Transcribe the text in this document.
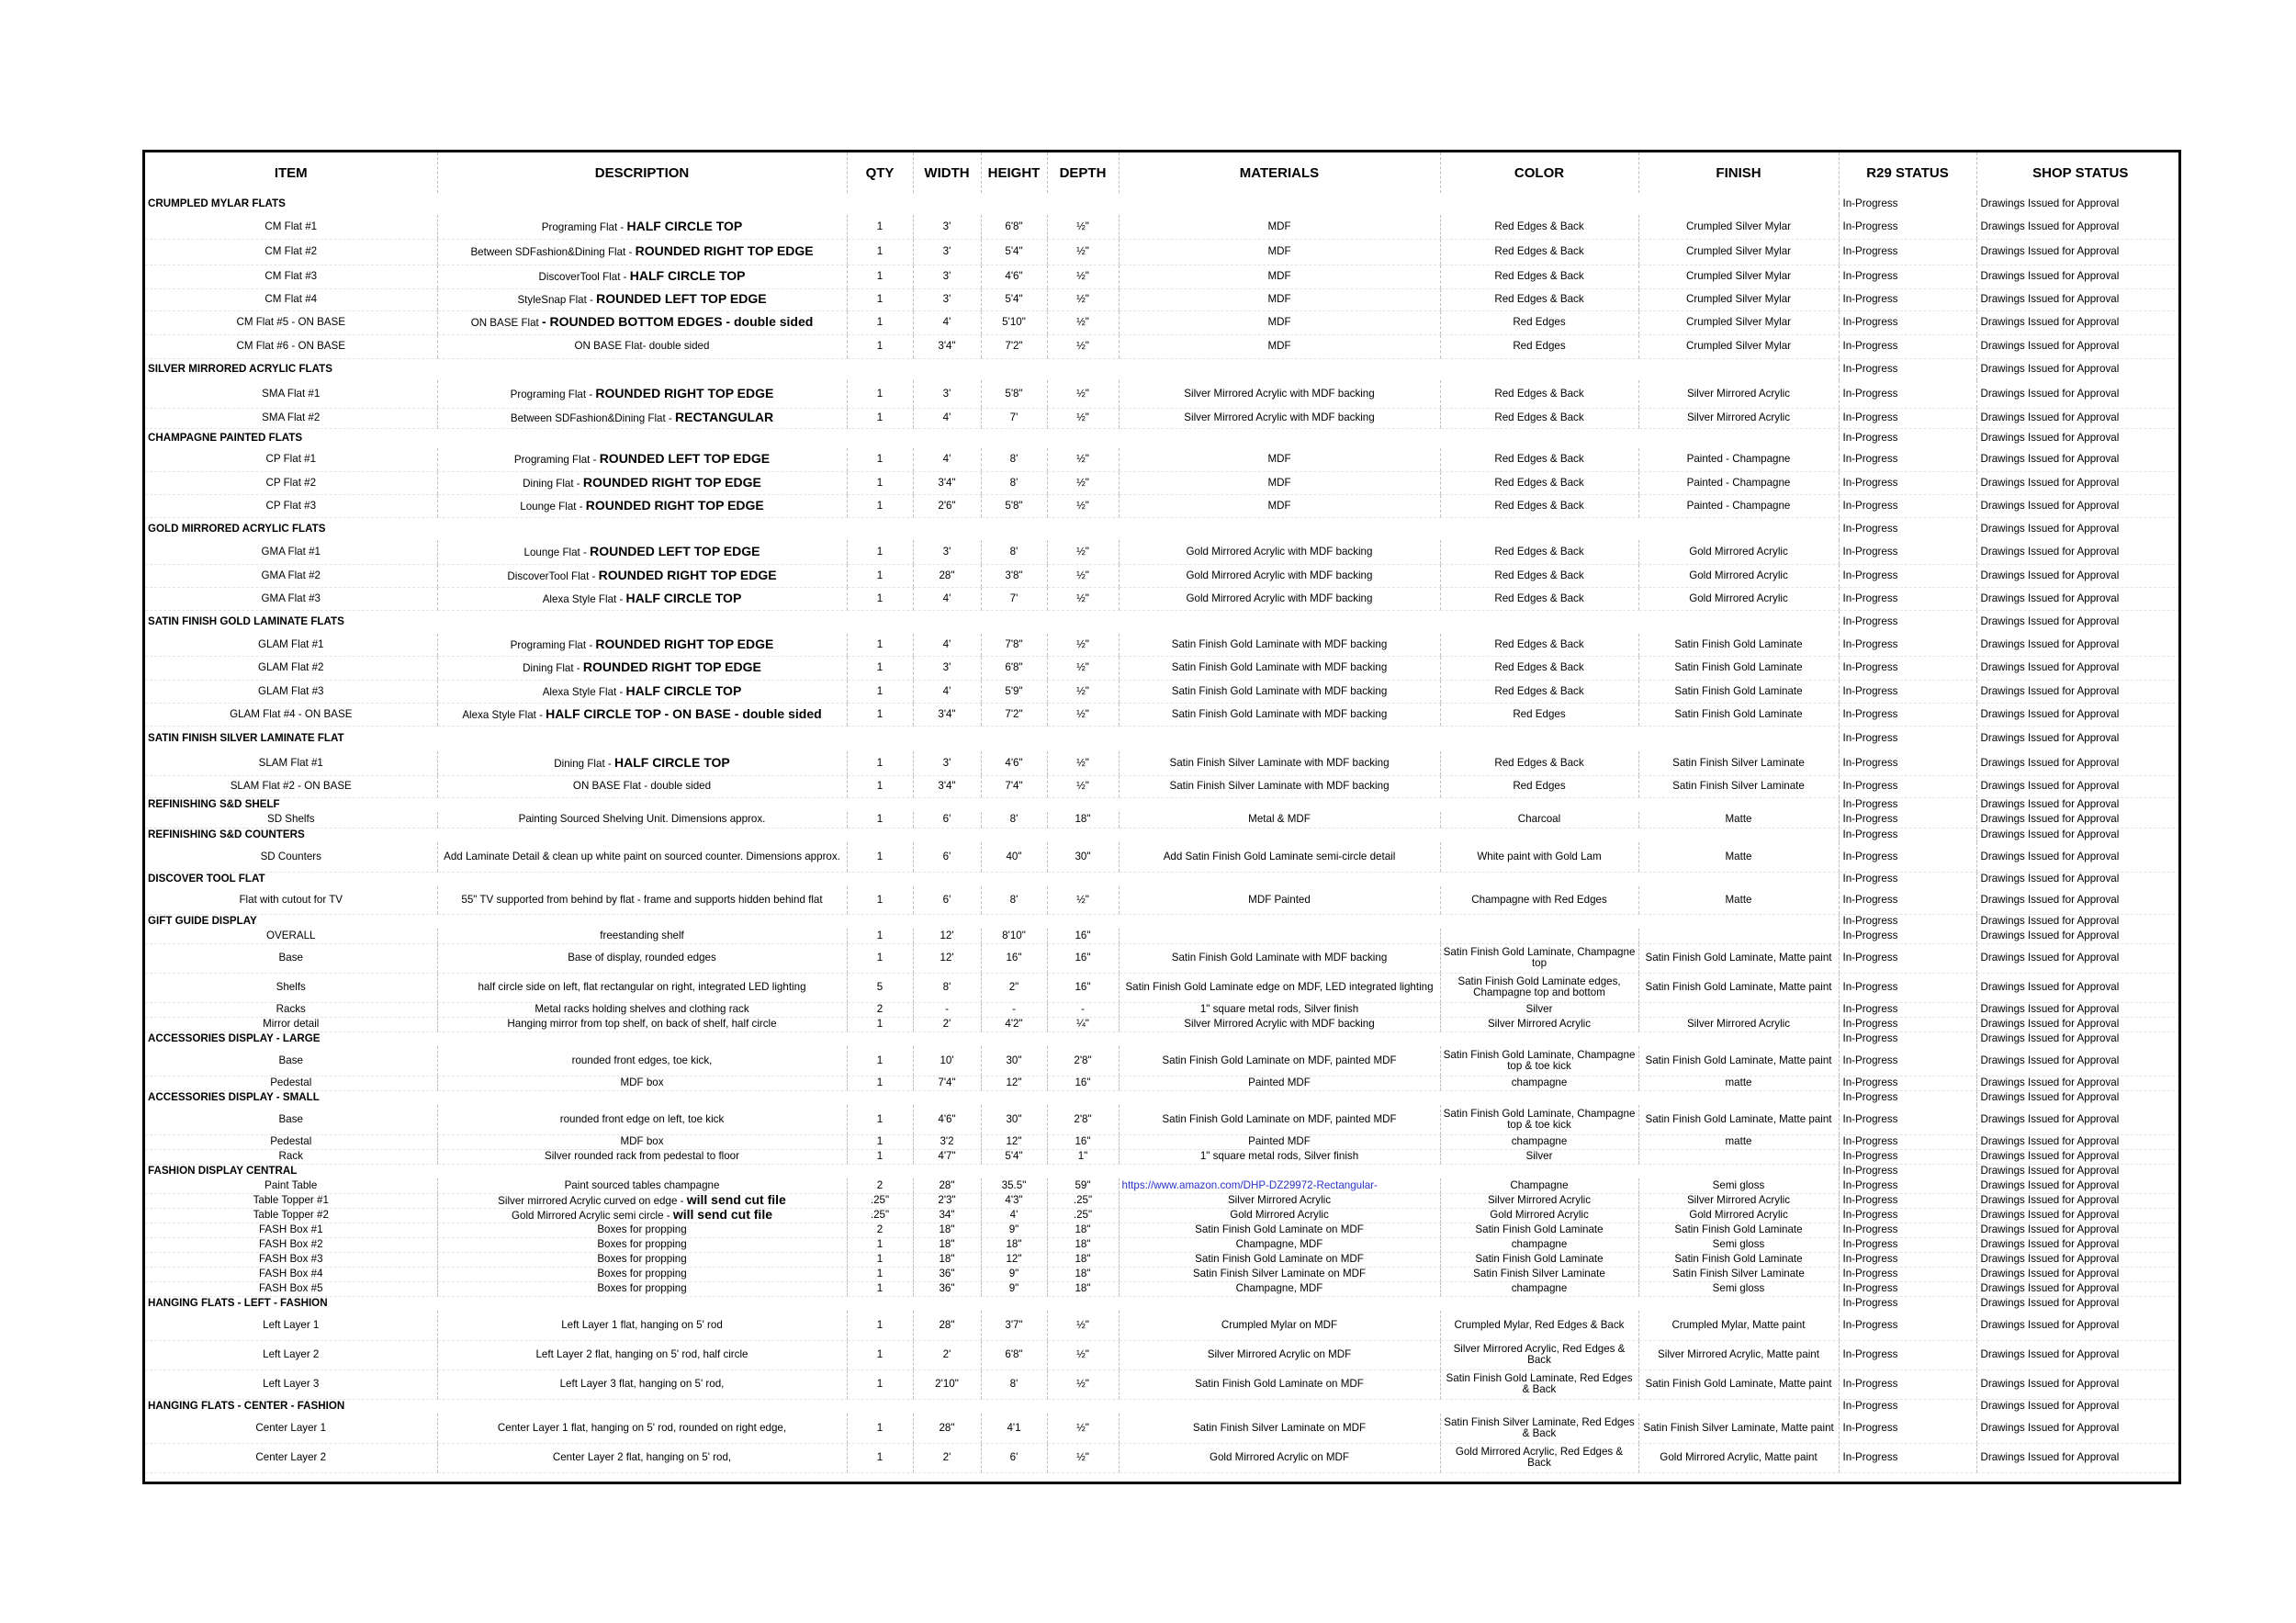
ITEM	DESCRIPTION	QTY	WIDTH	HEIGHT	DEPTH	MATERIALS	COLOR	FINISH	R29 STATUS	SHOP STATUS
CRUMPLED MYLAR FLATS									In-Progress	Drawings Issued for Approval
CM Flat #1	Programing Flat - HALF CIRCLE TOP	1	3'	6'8"	½"	MDF	Red Edges & Back	Crumpled Silver Mylar	In-Progress	Drawings Issued for Approval
CM Flat #2	Between SDFashion&Dining Flat - ROUNDED RIGHT TOP EDGE	1	3'	5'4"	½"	MDF	Red Edges & Back	Crumpled Silver Mylar	In-Progress	Drawings Issued for Approval
CM Flat #3	DiscoverTool Flat - HALF CIRCLE TOP	1	3'	4'6"	½"	MDF	Red Edges & Back	Crumpled Silver Mylar	In-Progress	Drawings Issued for Approval
CM Flat #4	StyleSnap Flat - ROUNDED LEFT TOP EDGE	1	3'	5'4"	½"	MDF	Red Edges & Back	Crumpled Silver Mylar	In-Progress	Drawings Issued for Approval
CM Flat #5 - ON BASE	ON BASE Flat - ROUNDED BOTTOM EDGES - double sided	1	4'	5'10"	½"	MDF	Red Edges	Crumpled Silver Mylar	In-Progress	Drawings Issued for Approval
CM Flat #6 - ON BASE	ON BASE Flat- double sided	1	3'4"	7'2"	½"	MDF	Red Edges	Crumpled Silver Mylar	In-Progress	Drawings Issued for Approval
SILVER MIRRORED ACRYLIC FLATS									In-Progress	Drawings Issued for Approval
SMA Flat #1	Programing Flat - ROUNDED RIGHT TOP EDGE	1	3'	5'8"	½"	Silver Mirrored Acrylic with MDF backing	Red Edges & Back	Silver Mirrored Acrylic	In-Progress	Drawings Issued for Approval
SMA Flat #2	Between SDFashion&Dining Flat - RECTANGULAR	1	4'	7'	½"	Silver Mirrored Acrylic with MDF backing	Red Edges & Back	Silver Mirrored Acrylic	In-Progress	Drawings Issued for Approval
CHAMPAGNE PAINTED FLATS									In-Progress	Drawings Issued for Approval
CP Flat #1	Programing Flat - ROUNDED LEFT TOP EDGE	1	4'	8'	½"	MDF	Red Edges & Back	Painted - Champagne	In-Progress	Drawings Issued for Approval
CP Flat #2	Dining Flat - ROUNDED RIGHT TOP EDGE	1	3'4"	8'	½"	MDF	Red Edges & Back	Painted - Champagne	In-Progress	Drawings Issued for Approval
CP Flat #3	Lounge Flat - ROUNDED RIGHT TOP EDGE	1	2'6"	5'8"	½"	MDF	Red Edges & Back	Painted - Champagne	In-Progress	Drawings Issued for Approval
GOLD MIRRORED ACRYLIC FLATS									In-Progress	Drawings Issued for Approval
GMA Flat #1	Lounge Flat - ROUNDED LEFT TOP EDGE	1	3'	8'	½"	Gold Mirrored Acrylic with MDF backing	Red Edges & Back	Gold Mirrored Acrylic	In-Progress	Drawings Issued for Approval
GMA Flat #2	DiscoverTool Flat - ROUNDED RIGHT TOP EDGE	1	28"	3'8"	½"	Gold Mirrored Acrylic with MDF backing	Red Edges & Back	Gold Mirrored Acrylic	In-Progress	Drawings Issued for Approval
GMA Flat #3	Alexa Style Flat - HALF CIRCLE TOP	1	4'	7'	½"	Gold Mirrored Acrylic with MDF backing	Red Edges & Back	Gold Mirrored Acrylic	In-Progress	Drawings Issued for Approval
SATIN FINISH GOLD LAMINATE FLATS									In-Progress	Drawings Issued for Approval
GLAM Flat #1	Programing Flat - ROUNDED RIGHT TOP EDGE	1	4'	7'8"	½"	Satin Finish Gold Laminate with MDF backing	Red Edges & Back	Satin Finish Gold Laminate	In-Progress	Drawings Issued for Approval
GLAM Flat #2	Dining Flat - ROUNDED RIGHT TOP EDGE	1	3'	6'8"	½"	Satin Finish Gold Laminate with MDF backing	Red Edges & Back	Satin Finish Gold Laminate	In-Progress	Drawings Issued for Approval
GLAM Flat #3	Alexa Style Flat - HALF CIRCLE TOP	1	4'	5'9"	½"	Satin Finish Gold Laminate with MDF backing	Red Edges & Back	Satin Finish Gold Laminate	In-Progress	Drawings Issued for Approval
GLAM Flat #4 - ON BASE	Alexa Style Flat - HALF CIRCLE TOP - ON BASE - double sided	1	3'4"	7'2"	½"	Satin Finish Gold Laminate with MDF backing	Red Edges	Satin Finish Gold Laminate	In-Progress	Drawings Issued for Approval
SATIN FINISH SILVER LAMINATE FLAT									In-Progress	Drawings Issued for Approval
SLAM Flat #1	Dining Flat - HALF CIRCLE TOP	1	3'	4'6"	½"	Satin Finish Silver Laminate with MDF backing	Red Edges & Back	Satin Finish Silver Laminate	In-Progress	Drawings Issued for Approval
SLAM Flat #2 - ON BASE	ON BASE Flat - double sided	1	3'4"	7'4"	½"	Satin Finish Silver Laminate with MDF backing	Red Edges	Satin Finish Silver Laminate	In-Progress	Drawings Issued for Approval
REFINISHING S&D SHELF									In-Progress	Drawings Issued for Approval
SD Shelfs	Painting Sourced Shelving Unit. Dimensions approx.	1	6'	8'	18"	Metal & MDF	Charcoal	Matte	In-Progress	Drawings Issued for Approval
REFINISHING S&D COUNTERS									In-Progress	Drawings Issued for Approval
SD Counters	Add Laminate Detail & clean up white paint on sourced counter. Dimensions approx.	1	6'	40"	30"	Add Satin Finish Gold Laminate semi-circle detail	White paint with Gold Lam	Matte	In-Progress	Drawings Issued for Approval
DISCOVER TOOL FLAT									In-Progress	Drawings Issued for Approval
Flat with cutout for TV	55" TV supported from behind by flat - frame and supports hidden behind flat	1	6'	8'	½"	MDF Painted	Champagne with Red Edges	Matte	In-Progress	Drawings Issued for Approval
GIFT GUIDE DISPLAY									In-Progress	Drawings Issued for Approval
OVERALL	freestanding shelf	1	12'	8'10"	16"				In-Progress	Drawings Issued for Approval
Base	Base of display, rounded edges	1	12'	16"	16"	Satin Finish Gold Laminate with MDF backing	Satin Finish Gold Laminate, Champagne top	Satin Finish Gold Laminate, Matte paint	In-Progress	Drawings Issued for Approval
Shelfs	half circle side on left, flat rectangular on right, integrated LED lighting	5	8'	2"	16"	Satin Finish Gold Laminate edge on MDF, LED integrated lighting	Satin Finish Gold Laminate edges, Champagne top and bottom	Satin Finish Gold Laminate, Matte paint	In-Progress	Drawings Issued for Approval
Racks	Metal racks holding shelves and clothing rack	2	-	-	-	1" square metal rods, Silver finish	Silver		In-Progress	Drawings Issued for Approval
Mirror detail	Hanging mirror from top shelf, on back of shelf, half circle	1	2'	4'2"	¼"	Silver Mirrored Acrylic with MDF backing	Silver Mirrored Acrylic	Silver Mirrored Acrylic	In-Progress	Drawings Issued for Approval
ACCESSORIES DISPLAY - LARGE									In-Progress	Drawings Issued for Approval
Base	rounded front edges, toe kick,	1	10'	30"	2'8"	Satin Finish Gold Laminate on MDF, painted MDF	Satin Finish Gold Laminate, Champagne top & toe kick	Satin Finish Gold Laminate, Matte paint	In-Progress	Drawings Issued for Approval
Pedestal	MDF box	1	7'4"	12"	16"	Painted MDF	champagne	matte	In-Progress	Drawings Issued for Approval
ACCESSORIES DISPLAY - SMALL									In-Progress	Drawings Issued for Approval
Base	rounded front edge on left, toe kick	1	4'6"	30"	2'8"	Satin Finish Gold Laminate on MDF, painted MDF	Satin Finish Gold Laminate, Champagne top & toe kick	Satin Finish Gold Laminate, Matte paint	In-Progress	Drawings Issued for Approval
Pedestal	MDF box	1	3'2	12"	16"	Painted MDF	champagne	matte	In-Progress	Drawings Issued for Approval
Rack	Silver rounded rack from pedestal to floor	1	4'7"	5'4"	1"	1" square metal rods, Silver finish	Silver		In-Progress	Drawings Issued for Approval
FASHION DISPLAY CENTRAL									In-Progress	Drawings Issued for Approval
Paint Table	Paint sourced tables champagne	2	28"	35.5"	59"	https://www.amazon.com/DHP-DZ29972-Rectangular-	Champagne	Semi gloss	In-Progress	Drawings Issued for Approval
Table Topper #1	Silver mirrored Acrylic curved on edge - will send cut file	.25"	2'3"	4'3"	.25"	Silver Mirrored Acrylic	Silver Mirrored Acrylic	Silver Mirrored Acrylic	In-Progress	Drawings Issued for Approval
Table Topper #2	Gold Mirrored Acrylic semi circle - will send cut file	.25"	34"	4'	.25"	Gold Mirrored Acrylic	Gold Mirrored Acrylic	Gold Mirrored Acrylic	In-Progress	Drawings Issued for Approval
FASH Box #1	Boxes for propping	2	18"	9"	18"	Satin Finish Gold Laminate on MDF	Satin Finish Gold Laminate	Satin Finish Gold Laminate	In-Progress	Drawings Issued for Approval
FASH Box #2	Boxes for propping	1	18"	18"	18"	Champagne, MDF	champagne	Semi gloss	In-Progress	Drawings Issued for Approval
FASH Box #3	Boxes for propping	1	18"	12"	18"	Satin Finish Gold Laminate on MDF	Satin Finish Gold Laminate	Satin Finish Gold Laminate	In-Progress	Drawings Issued for Approval
FASH Box #4	Boxes for propping	1	36"	9"	18"	Satin Finish Silver Laminate on MDF	Satin Finish Silver Laminate	Satin Finish Silver Laminate	In-Progress	Drawings Issued for Approval
FASH Box #5	Boxes for propping	1	36"	9"	18"	Champagne, MDF	champagne	Semi gloss	In-Progress	Drawings Issued for Approval
HANGING FLATS - LEFT - FASHION									In-Progress	Drawings Issued for Approval
Left Layer 1	Left Layer 1 flat, hanging on 5' rod	1	28"	3'7"	½"	Crumpled Mylar on MDF	Crumpled Mylar, Red Edges & Back	Crumpled Mylar, Matte paint	In-Progress	Drawings Issued for Approval
Left Layer 2	Left Layer 2 flat, hanging on 5' rod, half circle	1	2'	6'8"	½"	Silver Mirrored Acrylic on MDF	Silver Mirrored Acrylic, Red Edges & Back	Silver Mirrored Acrylic, Matte paint	In-Progress	Drawings Issued for Approval
Left Layer 3	Left Layer 3 flat, hanging on 5' rod,	1	2'10"	8'	½"	Satin Finish Gold Laminate on MDF	Satin Finish Gold Laminate, Red Edges & Back	Satin Finish Gold Laminate, Matte paint	In-Progress	Drawings Issued for Approval
HANGING FLATS - CENTER - FASHION									In-Progress	Drawings Issued for Approval
Center Layer 1	Center Layer 1 flat, hanging on 5' rod, rounded on right edge,	1	28"	4'1	½"	Satin Finish Silver Laminate on MDF	Satin Finish Silver Laminate, Red Edges & Back	Satin Finish Silver Laminate, Matte paint	In-Progress	Drawings Issued for Approval
Center Layer 2	Center Layer 2 flat, hanging on 5' rod,	1	2'	6'	½"	Gold Mirrored Acrylic on MDF	Gold Mirrored Acrylic, Red Edges & Back	Gold Mirrored Acrylic, Matte paint	In-Progress	Drawings Issued for Approval
